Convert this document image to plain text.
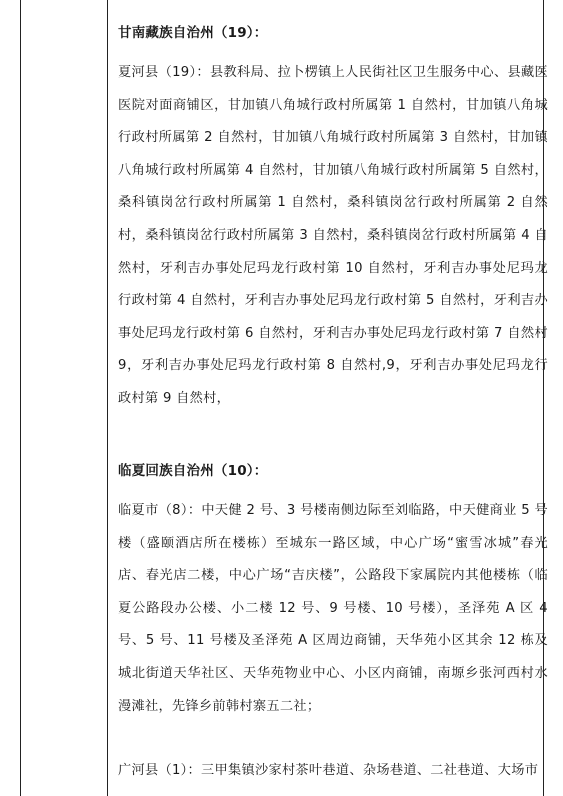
甘南藏族自治州（19）：
夏河县（19）：县教科局、拉卜楞镇上人民街社区卫生服务中心、县藏医医院对面商铺区，甘加镇八角城行政村所属第 1 自然村，甘加镇八角城行政村所属第 2 自然村，甘加镇八角城行政村所属第 3 自然村，甘加镇八角城行政村所属第 4 自然村，甘加镇八角城行政村所属第 5 自然村，桑科镇岗岔行政村所属第 1 自然村，桑科镇岗岔行政村所属第 2 自然村，桑科镇岗岔行政村所属第 3 自然村，桑科镇岗岔行政村所属第 4 自然村，牙利吉办事处尼玛龙行政村第 10 自然村，牙利吉办事处尼玛龙行政村第 4 自然村，牙利吉办事处尼玛龙行政村第 5 自然村，牙利吉办事处尼玛龙行政村第 6 自然村，牙利吉办事处尼玛龙行政村第 7 自然村 9，牙利吉办事处尼玛龙行政村第 8 自然村,9，牙利吉办事处尼玛龙行政村第 9 自然村，
临夏回族自治州（10）：
临夏市（8）：中天健 2 号、3 号楼南侧边际至刘临路，中天健商业 5 号楼（盛颐酒店所在楼栋）至城东一路区域，中心广场“蜜雪冰城”春光店、春光店二楼，中心广场“吉庆楼”，公路段下家属院内其他楼栋（临夏公路段办公楼、小二楼 12 号、9 号楼、10 号楼），圣泽苑 A 区 4 号、5 号、11 号楼及圣泽苑 A 区周边商铺，天华苑小区其余 12 栋及城北街道天华社区、天华苑物业中心、小区内商铺，南塬乡张河西村水漫滩社，先锋乡前韩村寨五二社；
广河县（1）：三甲集镇沙家村茶叶巷道、杂场巷道、二社巷道、大场市
